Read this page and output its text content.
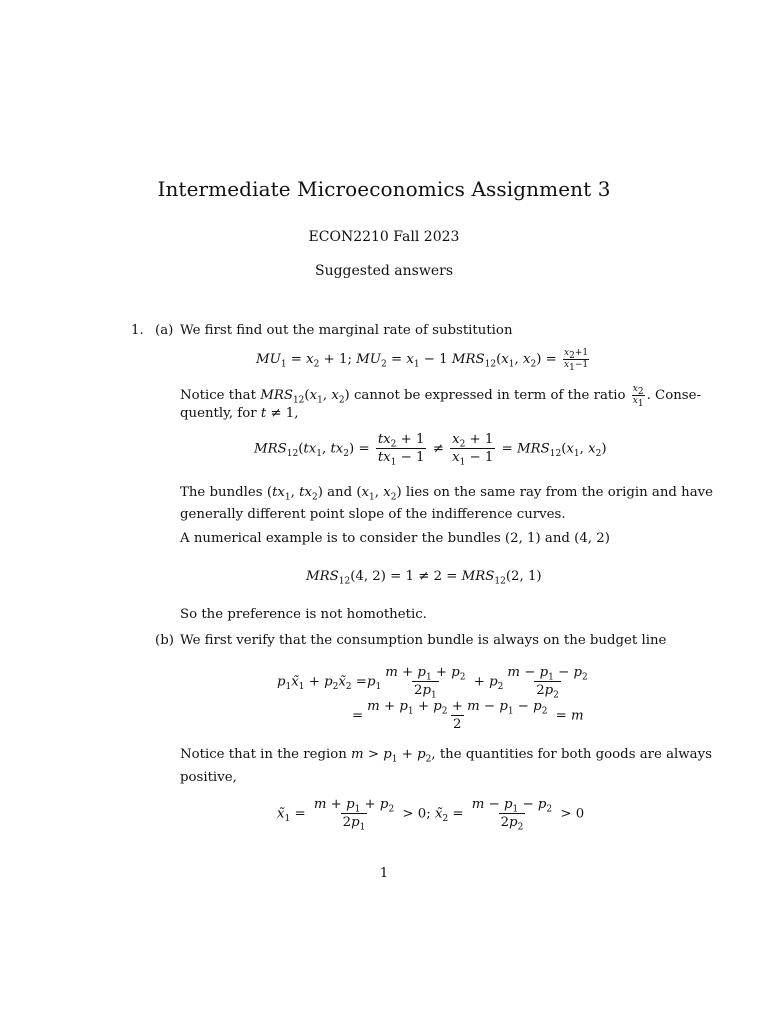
Intermediate Microeconomics Assignment 3
ECON2210 Fall 2023
Suggested answers
1. (a) We first find out the marginal rate of substitution
$MU_1 = x_2 + 1$; $MU_2 = x_1 - 1$ $MRS_{12}(x_1$, $x_2) = \frac{x_2+1}{x_1-1}$
Notice that $MRS_{12}(x_1$, $x_2$) cannot be expressed in term of the ratio $\frac{x_2}{x_1}$ . Conse-
quently, for t ≠ 1,
$MRS_{12}(tx_1$, $tx_2) = \frac{tx_2 + 1}{tx_1 - 1} \ne \frac{x_2 + 1}{x_1 - 1} = MRS_{12}(x_1$, $x_2$)
The bundles ($tx_1$, $tx_2$) and ($x_1$, $x_2$) lies on the same ray from the origin and have
generally different point slope of the indifference curves.
A numerical example is to consider the bundles (2, 1) and (4, 2)
$MRS_{12}(4$, $2) = 1 \ne 2 = MRS_{12}(2$, 1)
So the preference is not homothetic.
(b) We first verify that the consumption bundle is always on the budget line
$p_1x̃_1$ + $p_2x̃_2 =p_1 \frac{m + p_1 + p_2}{2p_1} + p_2 \frac{m - p_1 - p_2}{2p_2}$
= $\frac{m + p_1 + p_2 + m - p_1 - p_2}{2} = m$
Notice that in the region $m > p_1 + p_2$, the quantities for both goods are always
positive,
$x̃_1 = \frac{m + p_1 + p_2}{2p_1} > 0$; $x̃_2 = \frac{m - p_1 - p_2}{2p_2} > 0$
1
